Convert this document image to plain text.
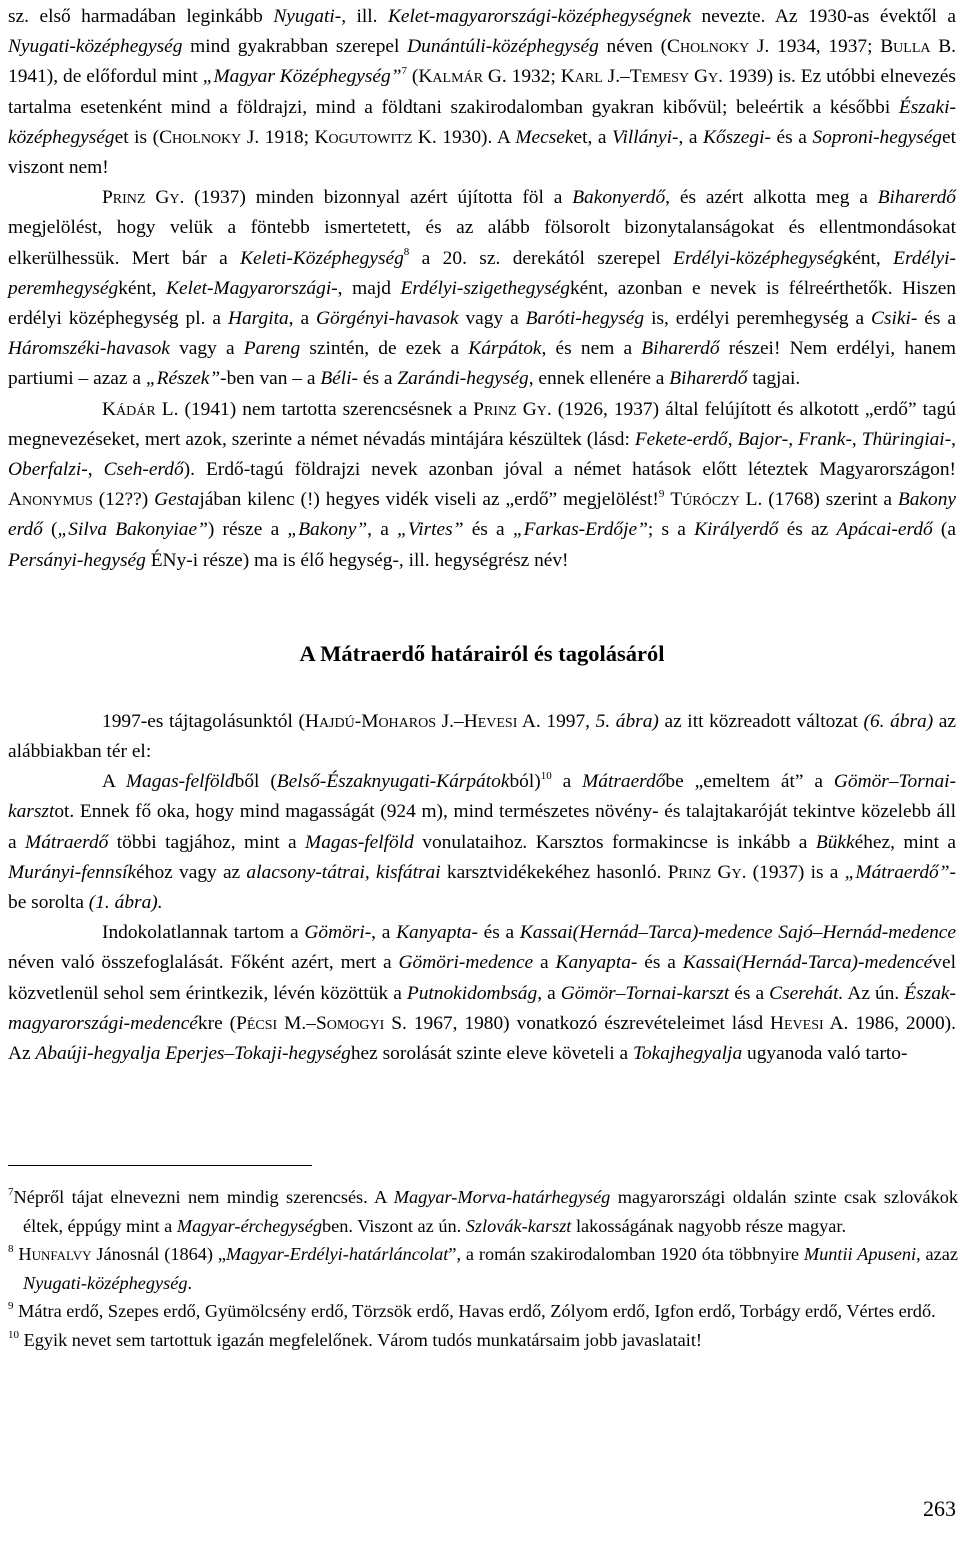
sz. első harmadában leginkább Nyugati-, ill. Kelet-magyarországi-középhegységnek nevezte. Az 1930-as évektől a Nyugati-középhegység mind gyakrabban szerepel Dunántúli-középhegység néven (Cholnoky J. 1934, 1937; Bulla B. 1941), de előfordul mint „Magyar Középhegység”$^7$ (Kalmár G. 1932; Karl J.–Temesy Gy. 1939) is. Ez utóbbi elnevezés tartalma esetenként mind a földrajzi, mind a földtani szakirodalomban gyakran kibővül; beleértik a későbbi Északi-középhegységet is (Cholnoky J. 1918; Kogutowitz K. 1930). A Mecseket, a Villányi-, a Kőszegi- és a Soproni-hegységet viszont nem!

Prinz Gy. (1937) minden bizonnyal azért újította föl a Bakonyerdő, és azért alkotta meg a Biharerdő megjelölést, hogy velük a föntebb ismertetett, és az alább fölsorolt bizonytalanságokat és ellentmondásokat elkerülhessük. Mert bár a Keleti-Középhegység$^8$ a 20. sz. derekától szerepel Erdélyi-középhegységként, Erdélyi-peremhegységként, Kelet-Magyarországi-, majd Erdélyi-szigethegységként, azonban e nevek is félreérthetők. Hiszen erdélyi középhegység pl. a Hargita, a Görgényi-havasok vagy a Baróti-hegység is, erdélyi peremhegység a Csiki- és a Háromszéki-havasok vagy a Pareng szintén, de ezek a Kárpátok, és nem a Biharerdő részei! Nem erdélyi, hanem partiumi – azaz a „Részek”-ben van – a Béli- és a Zarándi-hegység, ennek ellenére a Biharerdő tagjai.

Kádár L. (1941) nem tartotta szerencsésnek a Prinz Gy. (1926, 1937) által felújított és alkotott „erdő” tagú megnevezéseket, mert azok, szerinte a német névadás mintájára készültek (lásd: Fekete-erdő, Bajor-, Frank-, Thüringiai-, Oberfalzi-, Cseh-erdő). Erdő-tagú földrajzi nevek azonban jóval a német hatások előtt léteztek Magyarországon! Anonymus (12??) Gestajában kilenc (!) hegyes vidék viseli az „erdő” megjelölést!$^9$ Túróczy L. (1768) szerint a Bakony erdő („Silva Bakonyiae”) része a „Bakony”, a „Virtes” és a „Farkas-Erdője”; s a Királyerdő és az Apácai-erdő (a Persányi-hegység ÉNy-i része) ma is élő hegység-, ill. hegységrész név!

A Mátraerdő határairól és tagolásáról

1997-es tájtagolásunktól (Hajdú-Moharos J.–Hevesi A. 1997, 5. ábra) az itt közreadott változat (6. ábra) az alábbiakban tér el:

A Magas-felföldből (Belső-Északnyugati-Kárpátokból)$^{10}$ a Mátraerdőbe „emeltem át” a Gömör–Tornai-karsztot. Ennek fő oka, hogy mind magasságát (924 m), mind természetes növény- és talajtakaróját tekintve közelebb áll a Mátraerdő többi tagjához, mint a Magas-felföld vonulataihoz. Karsztos formakincse is inkább a Bükkéhez, mint a Murányi-fennsíkéhoz vagy az alacsony-tátrai, kisfátrai karsztvidékekéhez hasonló. Prinz Gy. (1937) is a „Mátraerdő”-be sorolta (1. ábra).

Indokolatlannak tartom a Gömöri-, a Kanyapta- és a Kassai(Hernád–Tarca)-medence Sajó–Hernád-medence néven való összefoglalását. Főként azért, mert a Gömöri-medence a Kanyapta- és a Kassai(Hernád-Tarca)-medencével közvetlenül sehol sem érintkezik, lévén közöttük a Putnokidombság, a Gömör–Tornai-karszt és a Cserehát. Az ún. Észak-magyarországi-medencékre (Pécsi M.–Somogyi S. 1967, 1980) vonatkozó észrevételeimet lásd Hevesi A. 1986, 2000). Az Abaúji-hegyalja Eperjes–Tokaji-hegységhez sorolását szinte eleve követeli a Tokajhegyalja ugyanoda való tarto-

$^7$Népről tájat elnevezni nem mindig szerencsés. A Magyar-Morva-határhegység magyarországi oldalán szinte csak szlovákok éltek, éppúgy mint a Magyar-érchegységben. Viszont az ún. Szlovák-karszt lakosságának nagyobb része magyar.

$^8$ Hunfalvy Jánosnál (1864) „Magyar-Erdélyi-határláncolat”, a román szakirodalomban 1920 óta többnyire Muntii Apuseni, azaz Nyugati-középhegység.

$^9$ Mátra erdő, Szepes erdő, Gyümölcsény erdő, Törzsök erdő, Havas erdő, Zólyom erdő, Igfon erdő, Torbágy erdő, Vértes erdő.

$^{10}$ Egyik nevet sem tartottuk igazán megfelelőnek. Várom tudós munkatársaim jobb javaslatait!

263
